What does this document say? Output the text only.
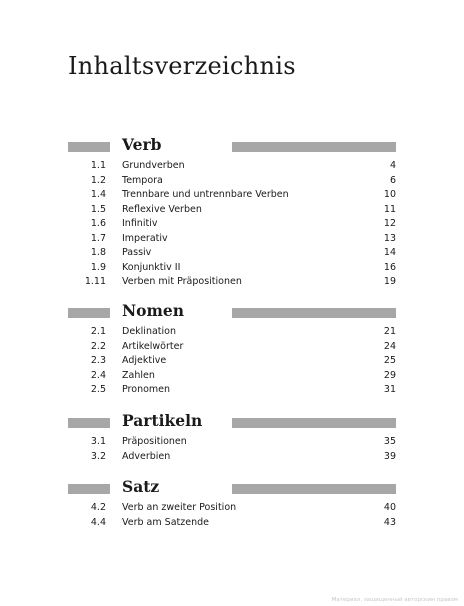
Inhaltsverzeichnis
Verb
1.1 Grundverben	4
1.2 Tempora	6
1.4 Trennbare und untrennbare Verben	10
1.5 Reflexive Verben	11
1.6 Infinitiv	12
1.7 Imperativ	13
1.8 Passiv	14
1.9 Konjunktiv II	16
1.11 Verben mit Präpositionen	19
Nomen
2.1 Deklination	21
2.2 Artikelwörter	24
2.3 Adjektive	25
2.4 Zahlen	29
2.5 Pronomen	31
Partikeln
3.1 Präpositionen	35
3.2 Adverbien	39
Satz
4.2 Verb an zweiter Position	40
4.4 Verb am Satzende	43
Материал, защищенный авторским правом
